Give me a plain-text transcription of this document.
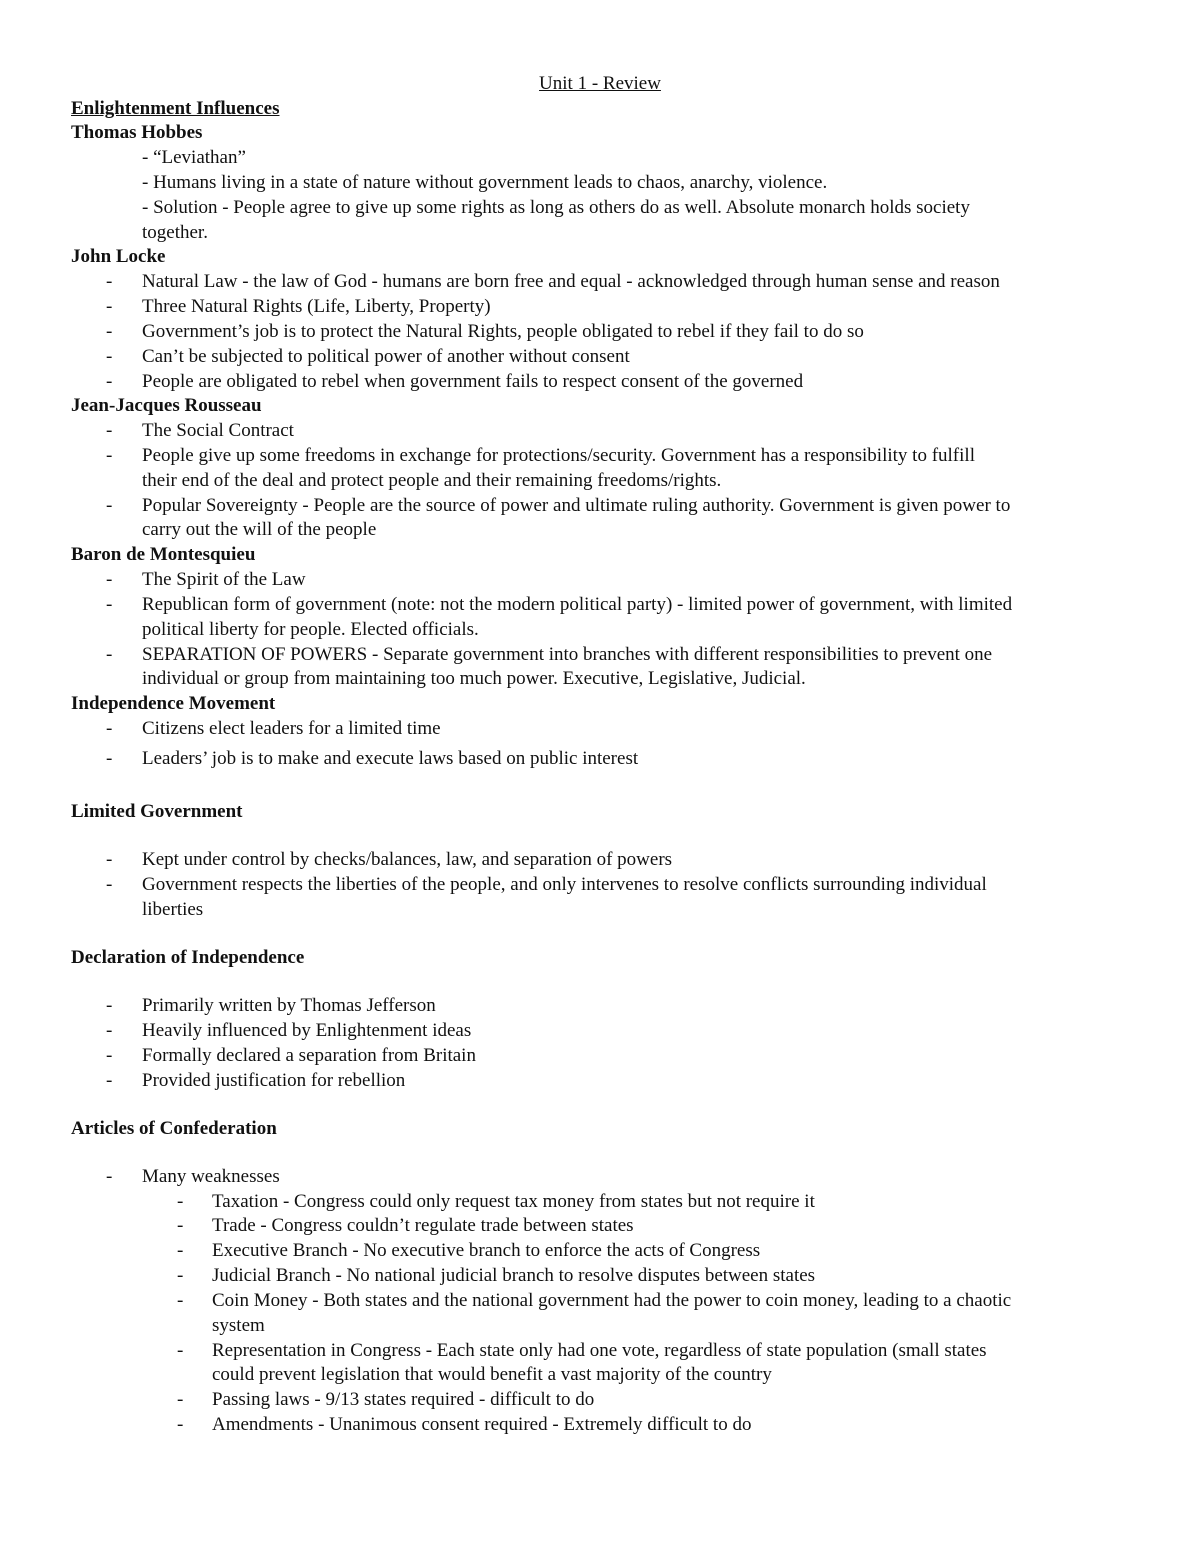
Unit 1 - Review
Enlightenment Influences
Thomas Hobbes
- “Leviathan”
- Humans living in a state of nature without government leads to chaos, anarchy, violence.
- Solution - People agree to give up some rights as long as others do as well. Absolute monarch holds society
together.
John Locke
- Natural Law - the law of God - humans are born free and equal - acknowledged through human sense and reason
- Three Natural Rights (Life, Liberty, Property)
- Government’s job is to protect the Natural Rights, people obligated to rebel if they fail to do so
- Can’t be subjected to political power of another without consent
- People are obligated to rebel when government fails to respect consent of the governed
Jean-Jacques Rousseau
- The Social Contract
- People give up some freedoms in exchange for protections/security. Government has a responsibility to fulfill
their end of the deal and protect people and their remaining freedoms/rights.
- Popular Sovereignty - People are the source of power and ultimate ruling authority. Government is given power to
carry out the will of the people
Baron de Montesquieu
- The Spirit of the Law
- Republican form of government (note: not the modern political party) - limited power of government, with limited
political liberty for people. Elected officials.
- SEPARATION OF POWERS - Separate government into branches with different responsibilities to prevent one
individual or group from maintaining too much power. Executive, Legislative, Judicial.
Independence Movement
- Citizens elect leaders for a limited time
- Leaders’ job is to make and execute laws based on public interest
Limited Government
- Kept under control by checks/balances, law, and separation of powers
- Government respects the liberties of the people, and only intervenes to resolve conflicts surrounding individual
liberties
Declaration of Independence
- Primarily written by Thomas Jefferson
- Heavily influenced by Enlightenment ideas
- Formally declared a separation from Britain
- Provided justification for rebellion
Articles of Confederation
- Many weaknesses
- Taxation - Congress could only request tax money from states but not require it
- Trade - Congress couldn’t regulate trade between states
- Executive Branch - No executive branch to enforce the acts of Congress
- Judicial Branch - No national judicial branch to resolve disputes between states
- Coin Money - Both states and the national government had the power to coin money, leading to a chaotic
system
- Representation in Congress - Each state only had one vote, regardless of state population (small states
could prevent legislation that would benefit a vast majority of the country
- Passing laws - 9/13 states required - difficult to do
- Amendments - Unanimous consent required - Extremely difficult to do
